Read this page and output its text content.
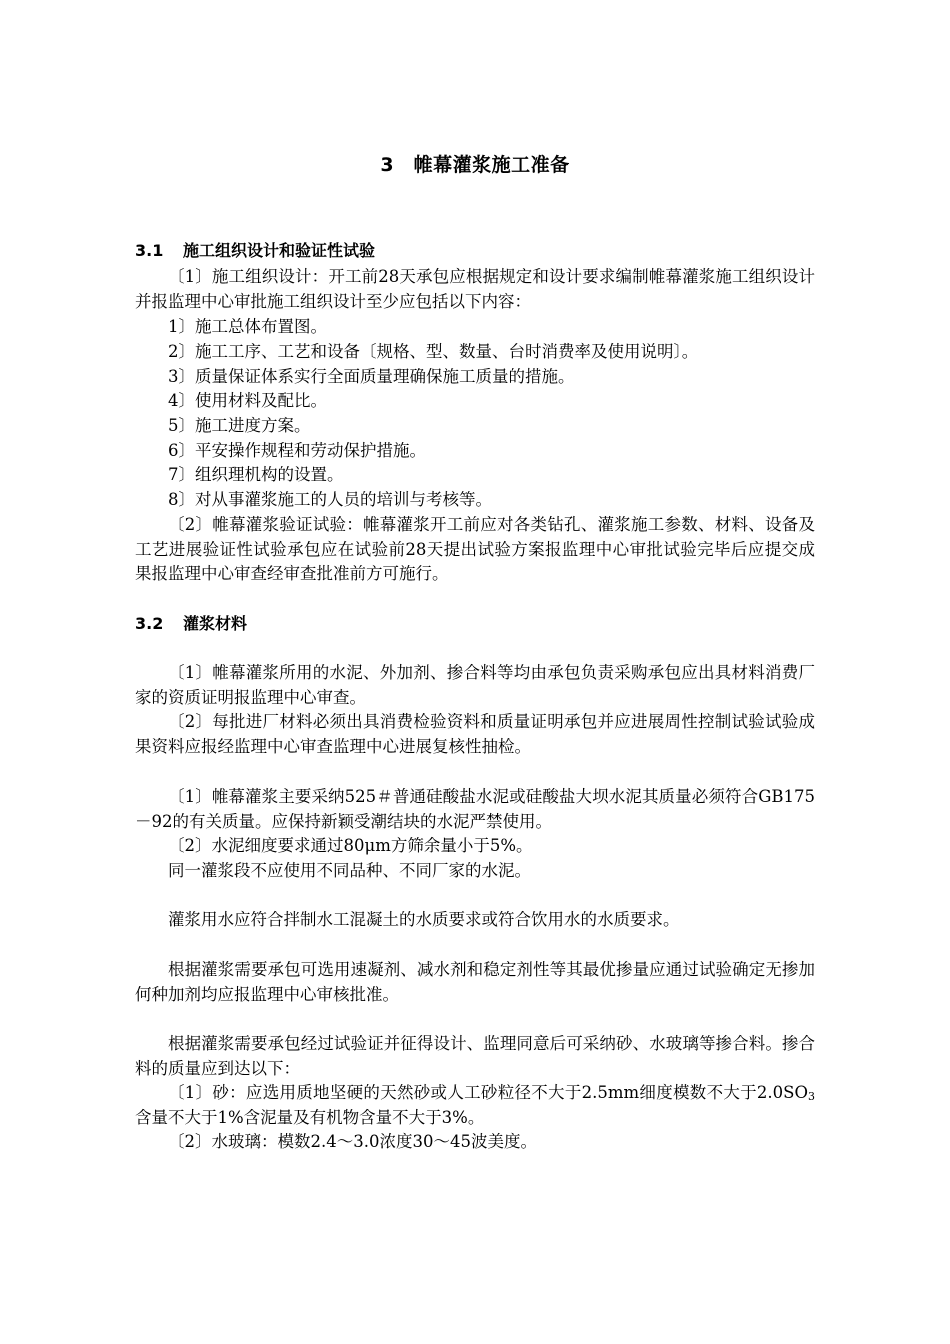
3　帷幕灌浆施工准备
3.1 施工组织设计和验证性试验
〔1〕施工组织设计：开工前28天承包应根据规定和设计要求编制帷幕灌浆施工组织设计并报监理中心审批施工组织设计至少应包括以下内容：
1〕施工总体布置图。
2〕施工工序、工艺和设备〔规格、型、数量、台时消费率及使用说明〕。
3〕质量保证体系实行全面质量理确保施工质量的措施。
4〕使用材料及配比。
5〕施工进度方案。
6〕平安操作规程和劳动保护措施。
7〕组织理机构的设置。
8〕对从事灌浆施工的人员的培训与考核等。
〔2〕帷幕灌浆验证试验：帷幕灌浆开工前应对各类钻孔、灌浆施工参数、材料、设备及工艺进展验证性试验承包应在试验前28天提出试验方案报监理中心审批试验完毕后应提交成果报监理中心审查经审查批准前方可施行。
3.2 灌浆材料
〔1〕帷幕灌浆所用的水泥、外加剂、掺合料等均由承包负责采购承包应出具材料消费厂家的资质证明报监理中心审查。
〔2〕每批进厂材料必须出具消费检验资料和质量证明承包并应进展周性控制试验试验成果资料应报经监理中心审查监理中心进展复核性抽检。
〔1〕帷幕灌浆主要采纳525＃普通硅酸盐水泥或硅酸盐大坝水泥其质量必须符合GB175－92的有关质量。应保持新颖受潮结块的水泥严禁使用。
〔2〕水泥细度要求通过80μm方筛余量小于5%。
同一灌浆段不应使用不同品种、不同厂家的水泥。
灌浆用水应符合拌制水工混凝土的水质要求或符合饮用水的水质要求。
根据灌浆需要承包可选用速凝剂、减水剂和稳定剂性等其最优掺量应通过试验确定无掺加何种加剂均应报监理中心审核批准。
根据灌浆需要承包经过试验证并征得设计、监理同意后可采纳砂、水玻璃等掺合料。掺合料的质量应到达以下：
〔1〕砂：应选用质地坚硬的天然砂或人工砂粒径不大于2.5mm细度模数不大于$2.0SO_3$含量不大于1%含泥量及有机物含量不大于3%。
〔2〕水玻璃：模数2.4～3.0浓度30～45波美度。
